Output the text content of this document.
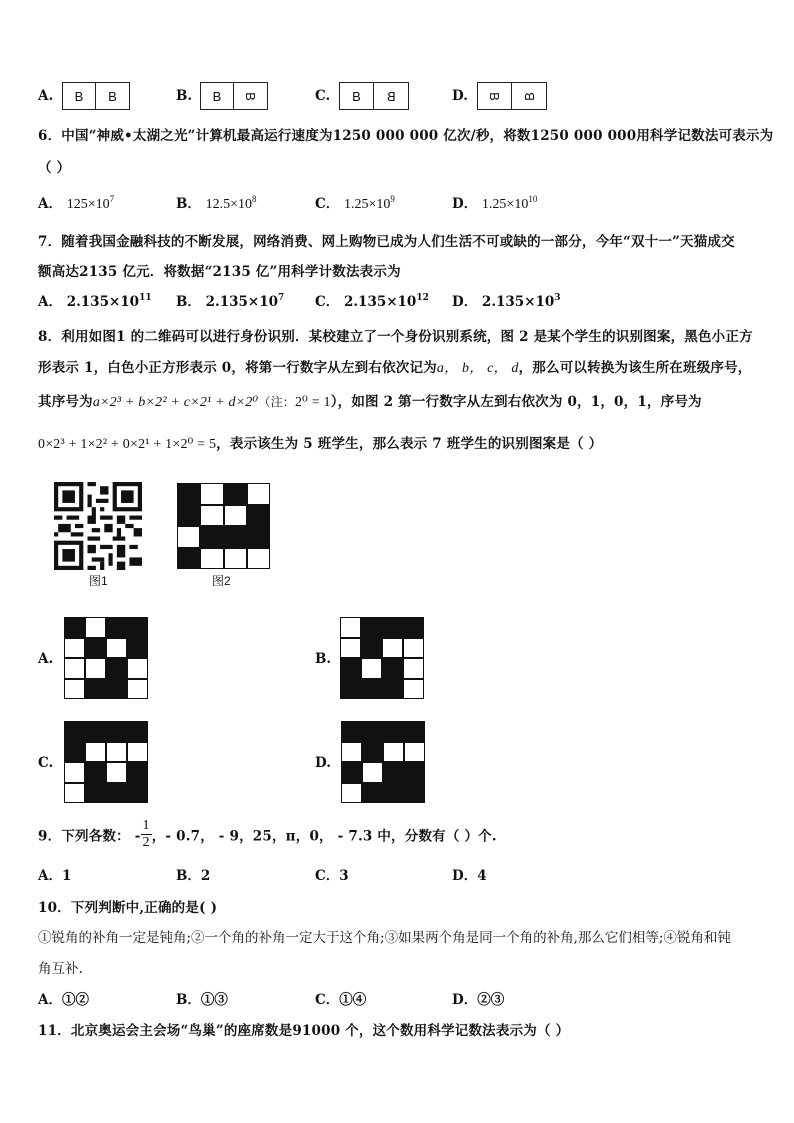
A.	B	B	B.	B	B	C.	B	B	D. B B
6．中国“神威•太湖之光”计算机最高运行速度为1250 000 000 亿次/秒，将数1250 000 000用科学记数法可表示为
（ ）
A． $125\times 10^7$	B． $12.5\times 10^8$	C． $1.25\times 10^9$	D． $1.25\times 10^{10}$
7．随着我国金融科技的不断发展，网络消费、网上购物已成为人们生活不可或缺的一部分，今年“双十一”天猫成交
额高达2135 亿元．将数据“2135 亿”用科学计数法表示为
A． $2.135\times 10^{11}$ B． $2.135\times 10^7$ C． $2.135\times 10^{12}$ D． $2.135\times 10^3$
8．利用如图1 的二维码可以进行身份识别．某校建立了一个身份识别系统，图 2 是某个学生的识别图案，黑色小正方
形表示 1，白色小正方形表示 0，将第一行数字从左到右依次记为a， b， c， d，那么可以转换为该生所在班级序号，
其序号为a×2³ + b×2² + c×2¹ + d×2⁰（注：2⁰ = 1），如图 2 第一行数字从左到右依次为 0，1，0，1，序号为
0×2³ + 1×2² + 0×2¹ + 1×2⁰ = 5，表示该生为 5 班学生，那么表示 7 班学生的识别图案是（ ）
图1	图2
A.	B.
C.	D.
9．下列各数： - $\frac{1}{2}$ ，- 0.7， - 9，25，π，0， - 7.3 中，分数有（ ）个.
A．1	B．2	C．3	D．4
10．下列判断中,正确的是( )
①锐角的补角一定是钝角;②一个角的补角一定大于这个角;③如果两个角是同一个角的补角,那么它们相等;④锐角和钝
角互补.
A．①②	B．①③	C．①④	D．②③
11．北京奥运会主会场“鸟巢”的座席数是91000 个，这个数用科学记数法表示为（ ）
